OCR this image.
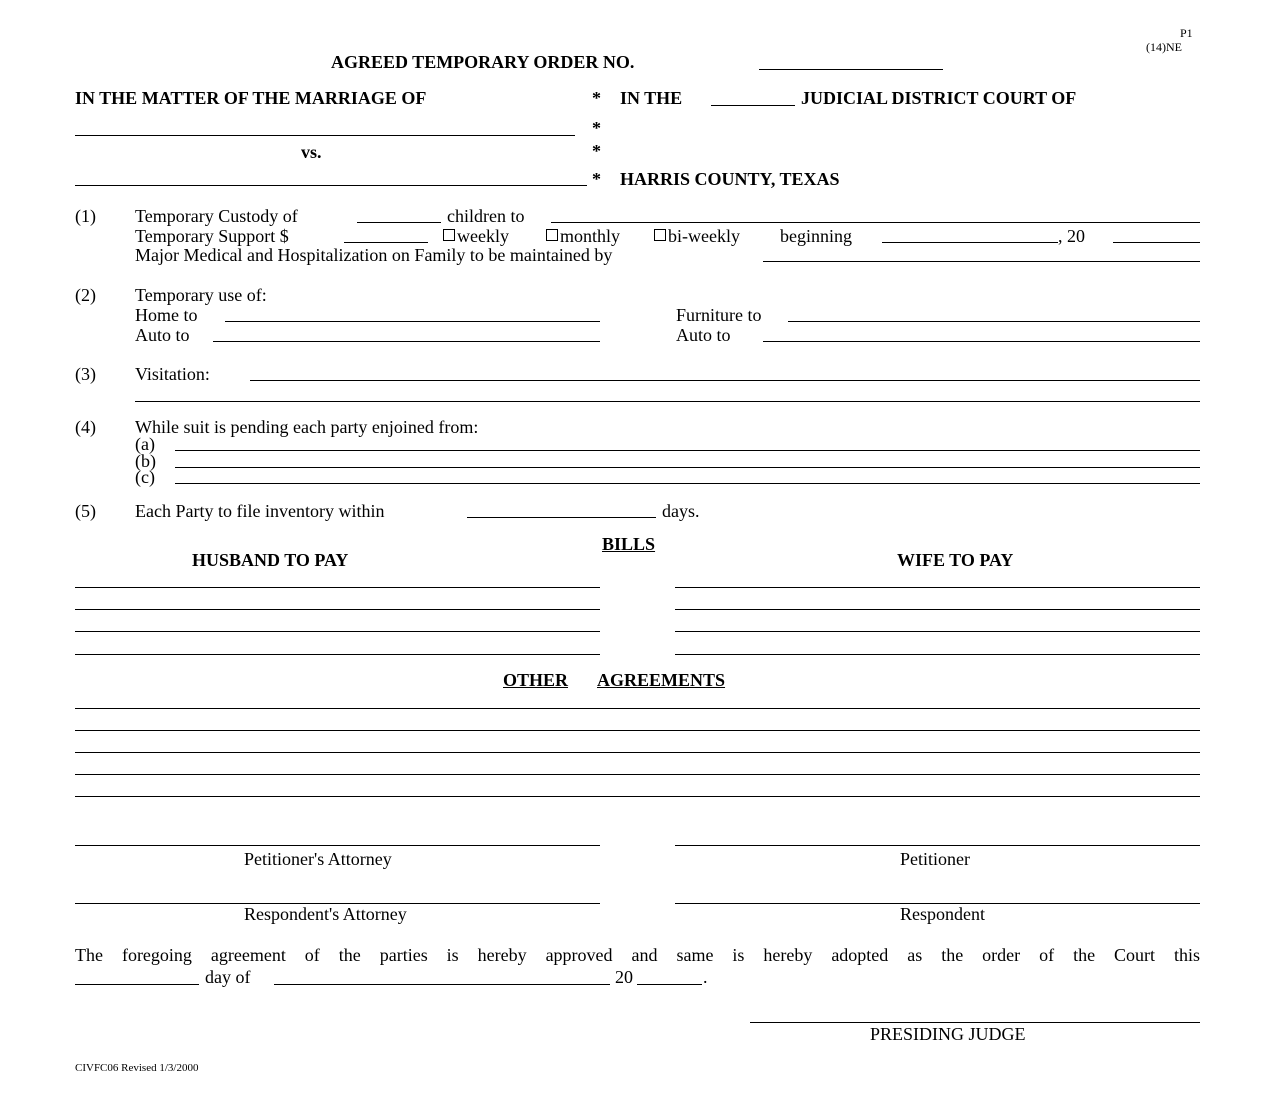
P1
(14)NE
AGREED TEMPORARY ORDER NO.
IN THE MATTER OF THE MARRIAGE OF	* IN THE	JUDICIAL DISTRICT COURT OF
*
vs.	*
* HARRIS COUNTY, TEXAS
(1) Temporary Custody of	children to
Temporary Support $	weekly	monthly	bi-weekly beginning	, 20
Major Medical and Hospitalization on Family to be maintained by
(2) Temporary use of:
Home to	Furniture to
Auto to	Auto to
(3) Visitation:
(4) While suit is pending each party enjoined from:
(a)
(b)
(c)
(5) Each Party to file inventory within	days.
BILLS
HUSBAND TO PAY	WIFE TO PAY
OTHER AGREEMENTS
Petitioner's Attorney	Petitioner
Respondent's Attorney	Respondent
The foregoing agreement of the parties is hereby approved and same is hereby adopted as the order of the Court this
day of	20	.
PRESIDING JUDGE
CIVFC06 Revised 1/3/2000
